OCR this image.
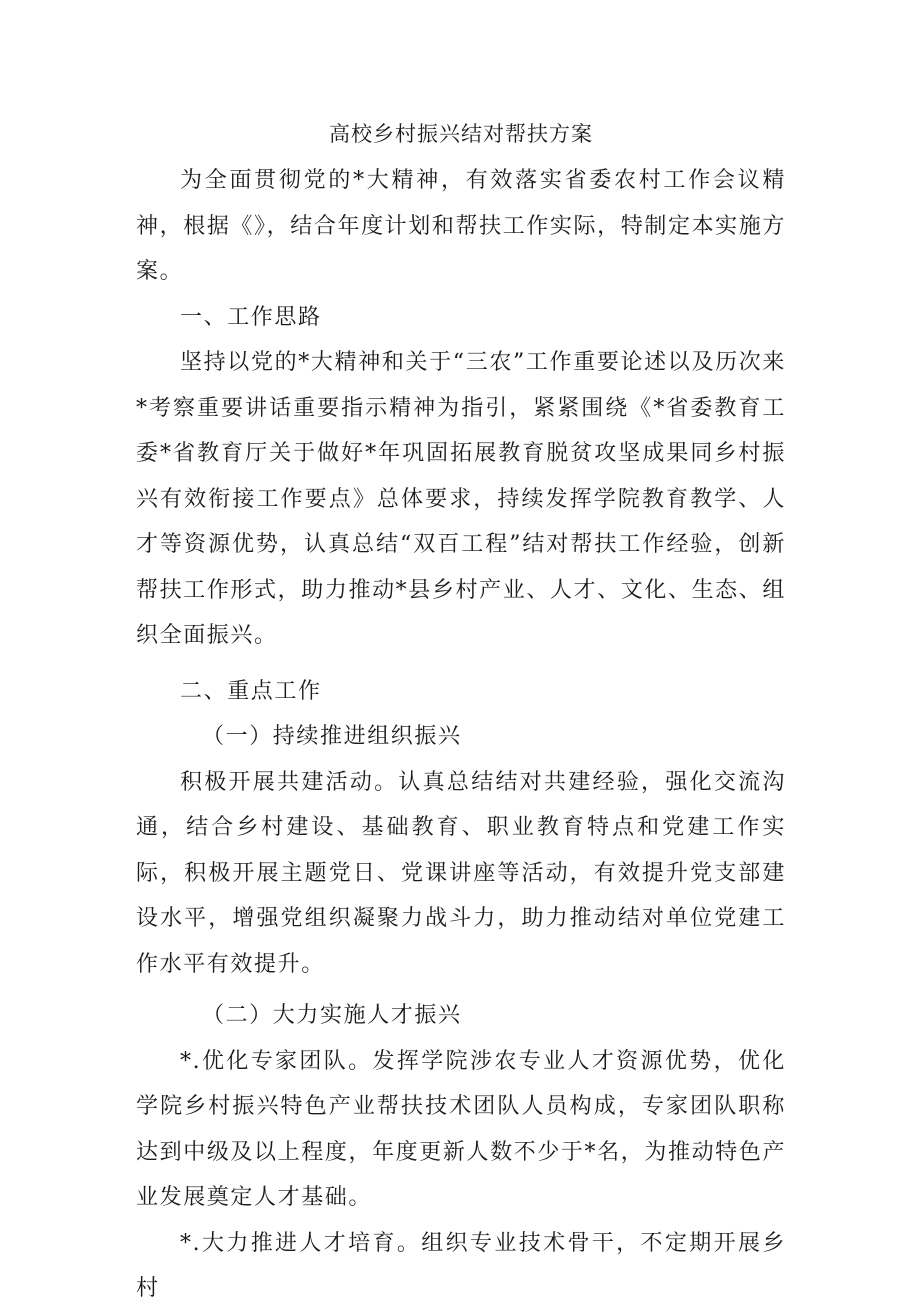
高校乡村振兴结对帮扶方案

为全面贯彻党的*大精神，有效落实省委农村工作会议精神，根据《》，结合年度计划和帮扶工作实际，特制定本实施方案。

一、工作思路

坚持以党的*大精神和关于“三农”工作重要论述以及历次来*考察重要讲话重要指示精神为指引，紧紧围绕《*省委教育工委*省教育厅关于做好*年巩固拓展教育脱贫攻坚成果同乡村振兴有效衔接工作要点》总体要求，持续发挥学院教育教学、人才等资源优势，认真总结“双百工程”结对帮扶工作经验，创新帮扶工作形式，助力推动*县乡村产业、人才、文化、生态、组织全面振兴。

二、重点工作

（一）持续推进组织振兴

积极开展共建活动。认真总结结对共建经验，强化交流沟通，结合乡村建设、基础教育、职业教育特点和党建工作实际，积极开展主题党日、党课讲座等活动，有效提升党支部建设水平，增强党组织凝聚力战斗力，助力推动结对单位党建工作水平有效提升。

（二）大力实施人才振兴

*.优化专家团队。发挥学院涉农专业人才资源优势，优化学院乡村振兴特色产业帮扶技术团队人员构成，专家团队职称达到中级及以上程度，年度更新人数不少于*名，为推动特色产业发展奠定人才基础。

*.大力推进人才培育。组织专业技术骨干，不定期开展乡村
